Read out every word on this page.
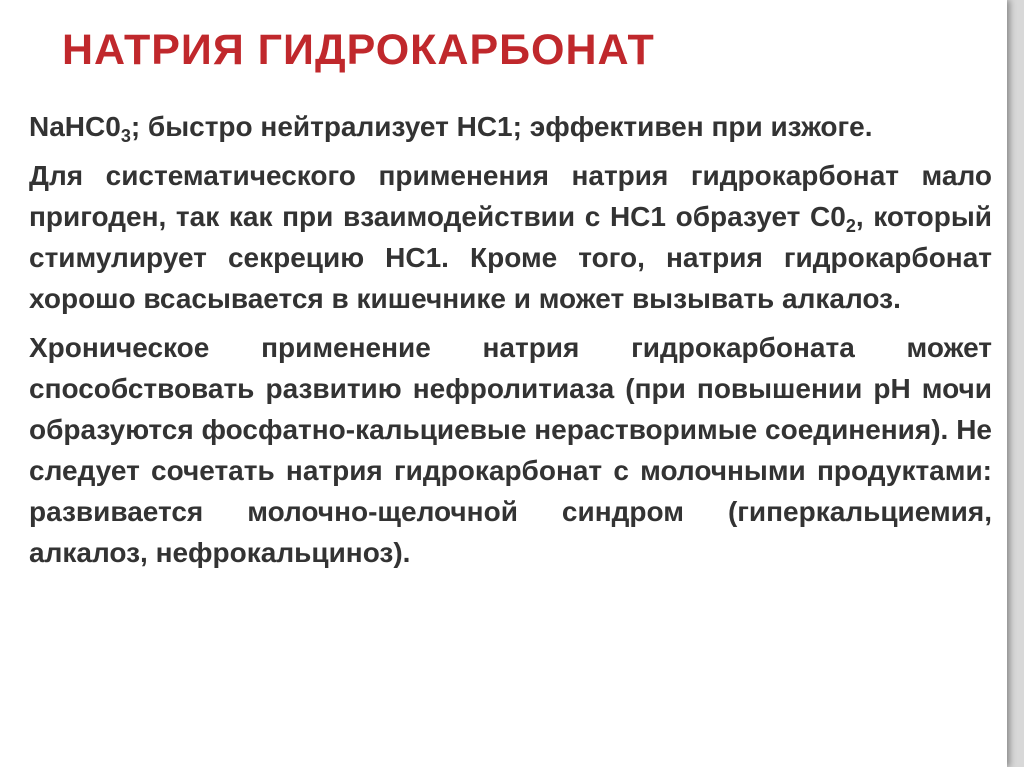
НАТРИЯ ГИДРОКАРБОНАТ

$NaHC0_3$; быстро нейтрализует НС1; эффективен при изжоге.

Для систематического применения натрия гидрокарбонат мало пригоден, так как при взаимодействии с НС1 образует $С0_2$, который стимулирует секрецию НС1. Кроме того, натрия гидрокарбонат хорошо всасывается в кишечнике и может вызывать алкалоз.

Хроническое применение натрия гидрокарбоната может способствовать развитию нефролитиаза (при повышении рН мочи образуются фосфатно-кальциевые нерастворимые соединения). Не следует сочетать натрия гидрокарбонат с молочными продуктами: развивается молочно-щелочной синдром (гиперкальциемия, алкалоз, нефрокальциноз).
